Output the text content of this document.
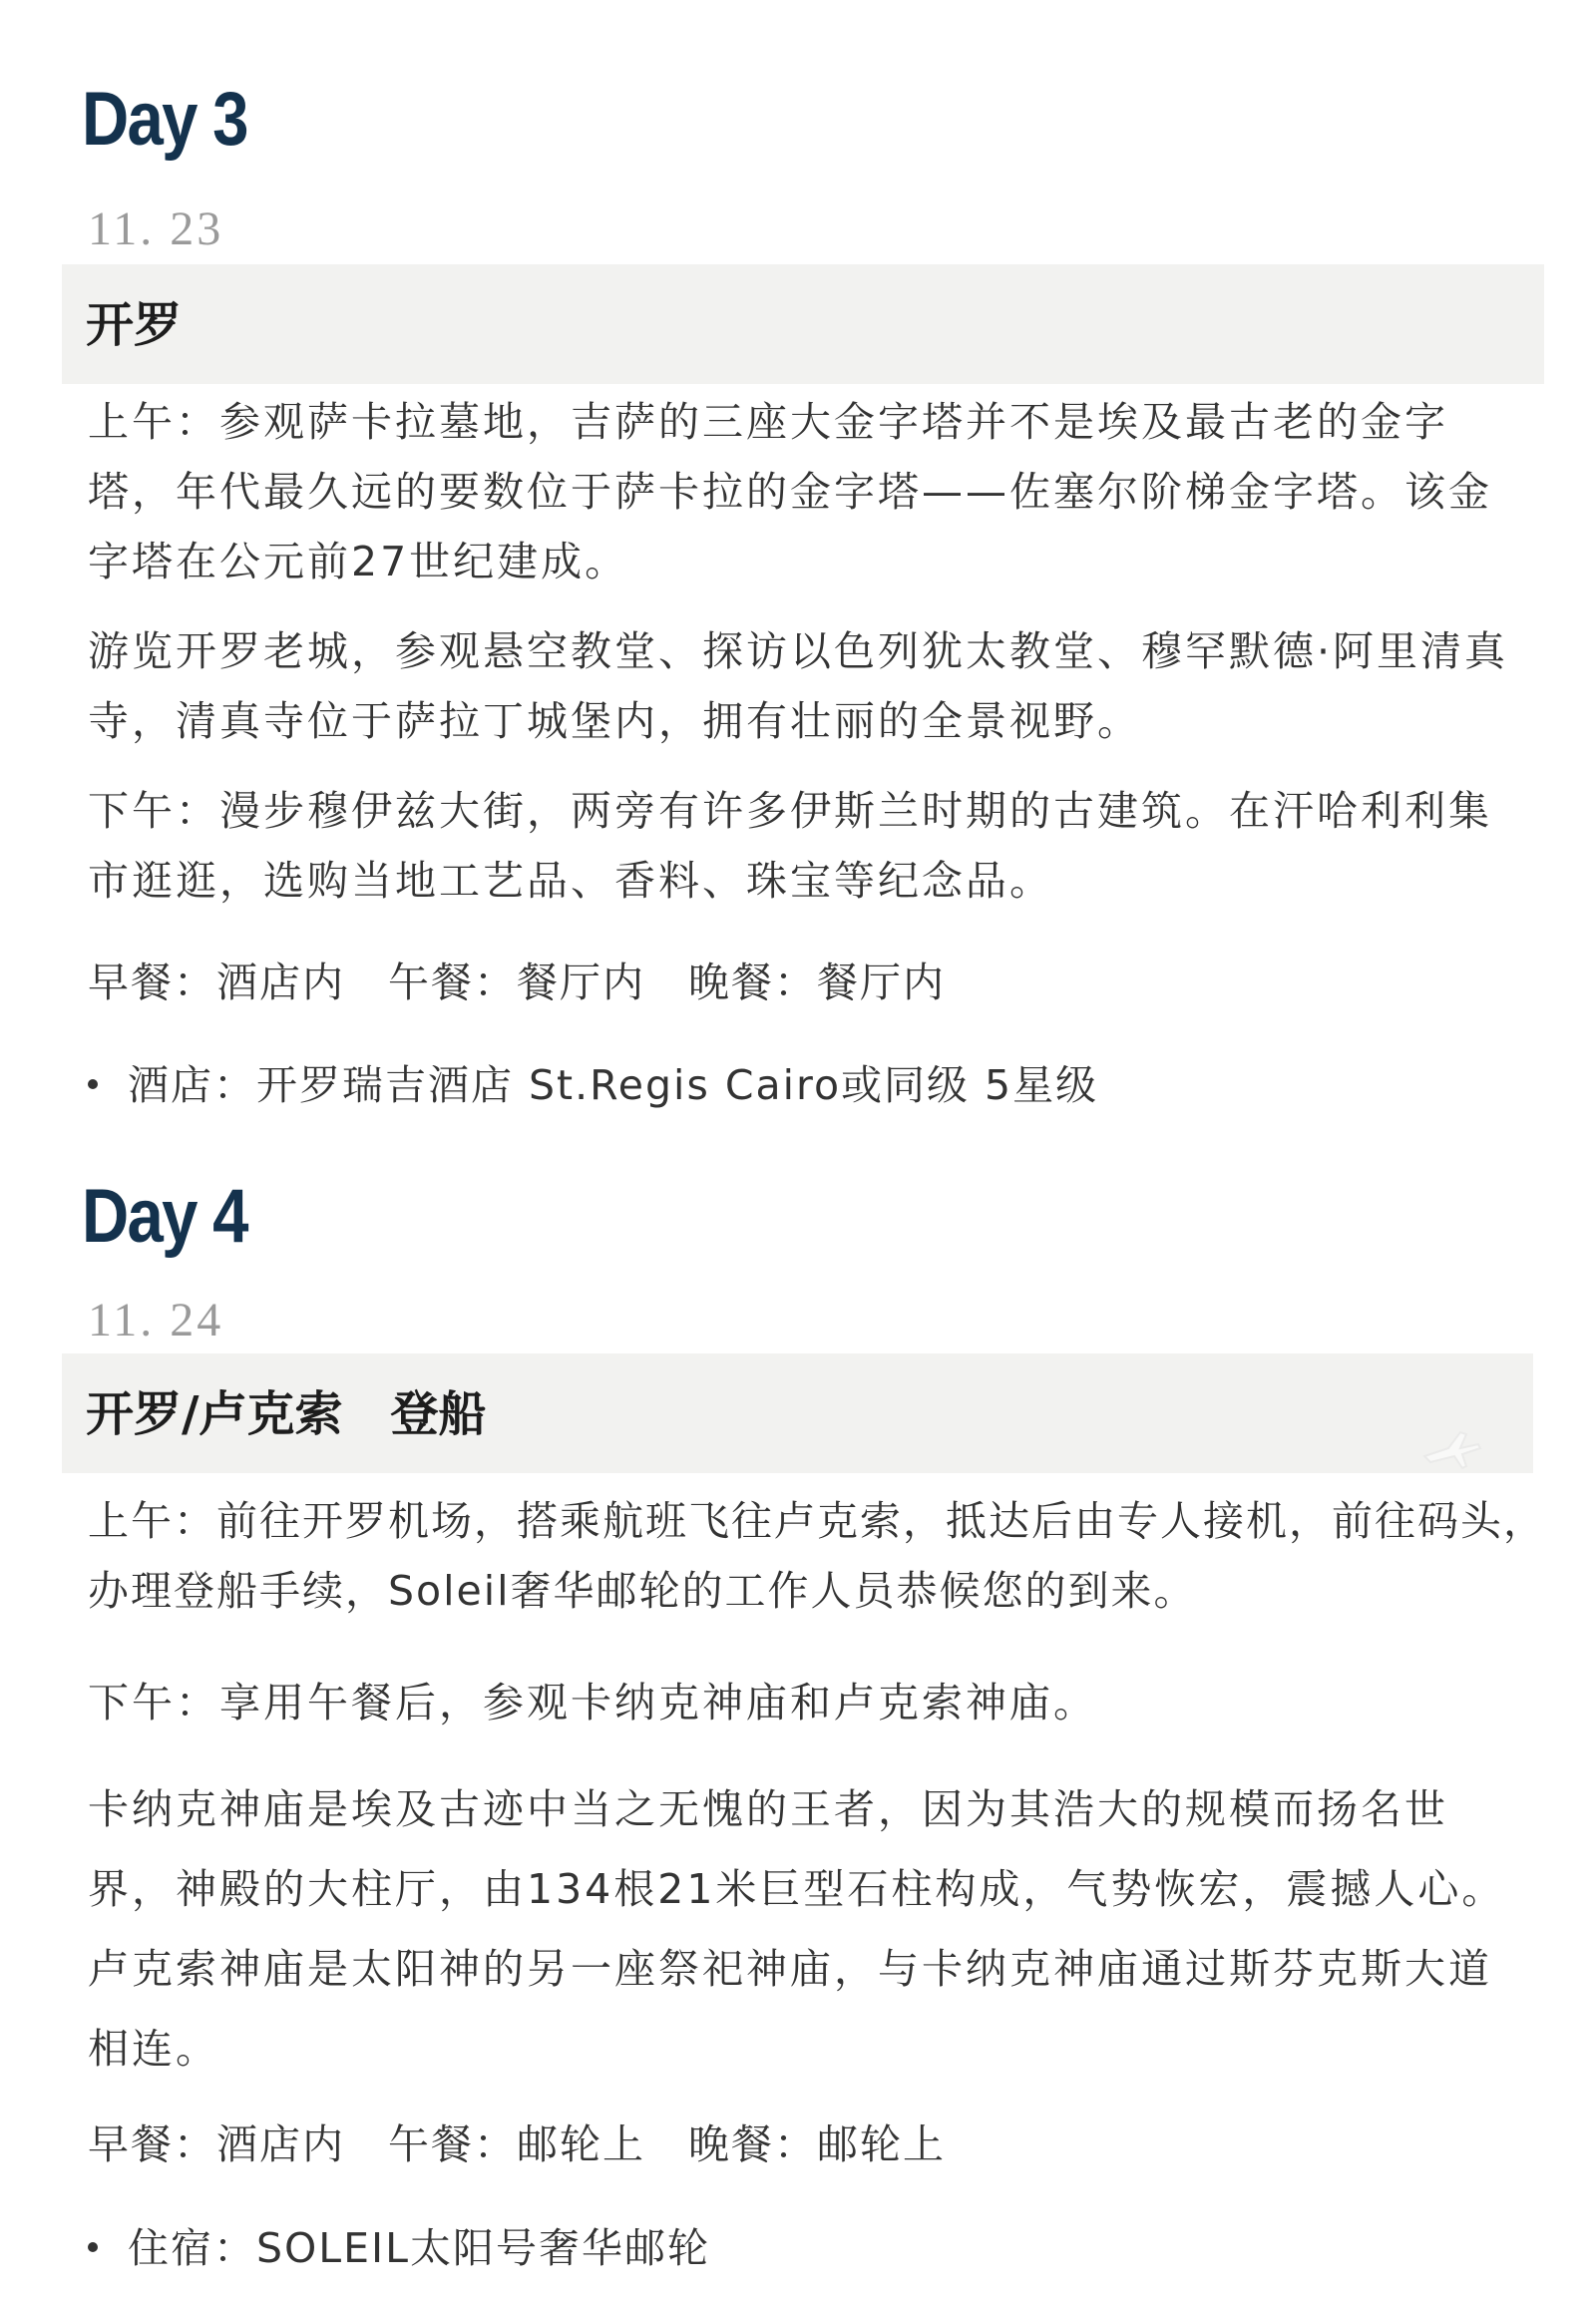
Day 3
11. 23
开罗

上午：参观萨卡拉墓地，吉萨的三座大金字塔并不是埃及最古老的金字塔，年代最久远的要数位于萨卡拉的金字塔——佐塞尔阶梯金字塔。该金字塔在公元前27世纪建成。

游览开罗老城，参观悬空教堂、探访以色列犹太教堂、穆罕默德·阿里清真寺，清真寺位于萨拉丁城堡内，拥有壮丽的全景视野。

下午：漫步穆伊兹大街，两旁有许多伊斯兰时期的古建筑。在汗哈利利集市逛逛，选购当地工艺品、香料、珠宝等纪念品。

早餐：酒店内　午餐：餐厅内　晚餐：餐厅内

酒店：开罗瑞吉酒店 St.Regis Cairo或同级 5星级

Day 4
11. 24
开罗/卢克索　登船

上午：前往开罗机场，搭乘航班飞往卢克索，抵达后由专人接机，前往码头，办理登船手续，Soleil奢华邮轮的工作人员恭候您的到来。

下午：享用午餐后，参观卡纳克神庙和卢克索神庙。

卡纳克神庙是埃及古迹中当之无愧的王者，因为其浩大的规模而扬名世界，神殿的大柱厅，由134根21米巨型石柱构成，气势恢宏，震撼人心。卢克索神庙是太阳神的另一座祭祀神庙，与卡纳克神庙通过斯芬克斯大道相连。

早餐：酒店内　午餐：邮轮上　晚餐：邮轮上

住宿：SOLEIL太阳号奢华邮轮
